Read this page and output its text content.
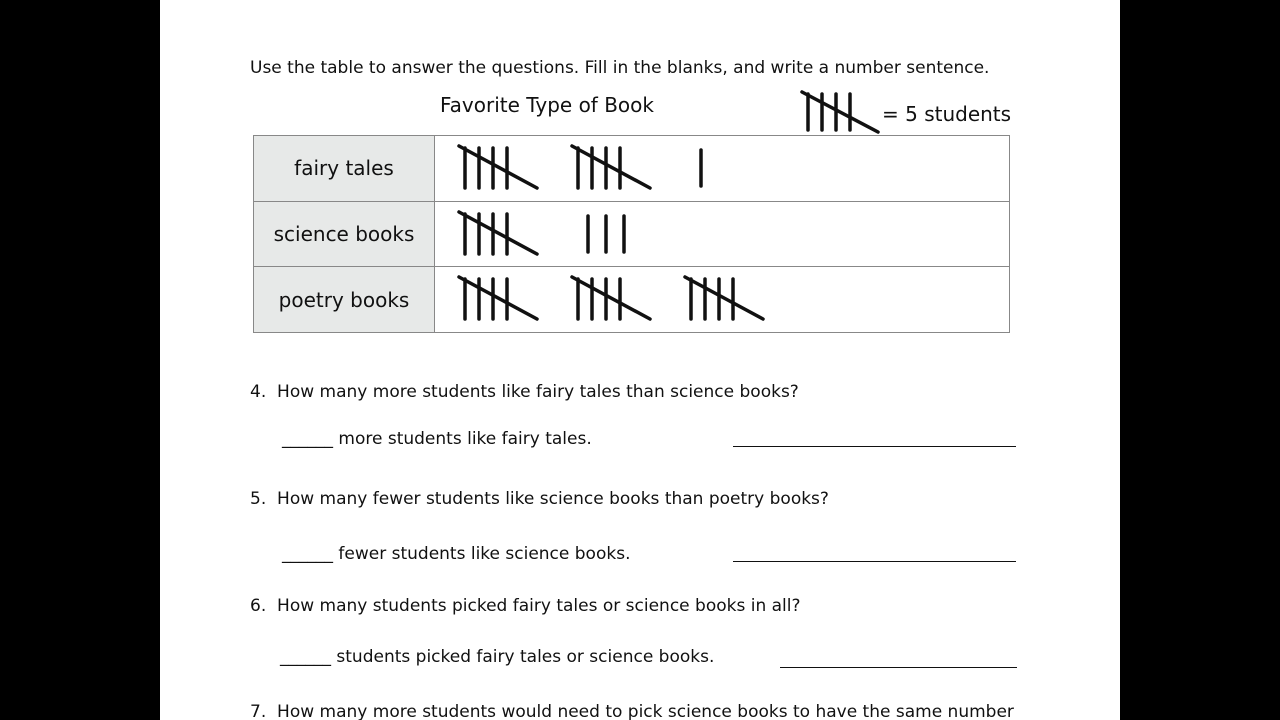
Use the table to answer the questions. Fill in the blanks, and write a number sentence.
Favorite Type of Book	= 5 students
fairy tales	

science books	

poetry books	
4. How many more students like fairy tales than science books?
______ more students like fairy tales.
5. How many fewer students like science books than poetry books?
______ fewer students like science books.
6. How many students picked fairy tales or science books in all?
______ students picked fairy tales or science books.
7. How many more students would need to pick science books to have the same number
